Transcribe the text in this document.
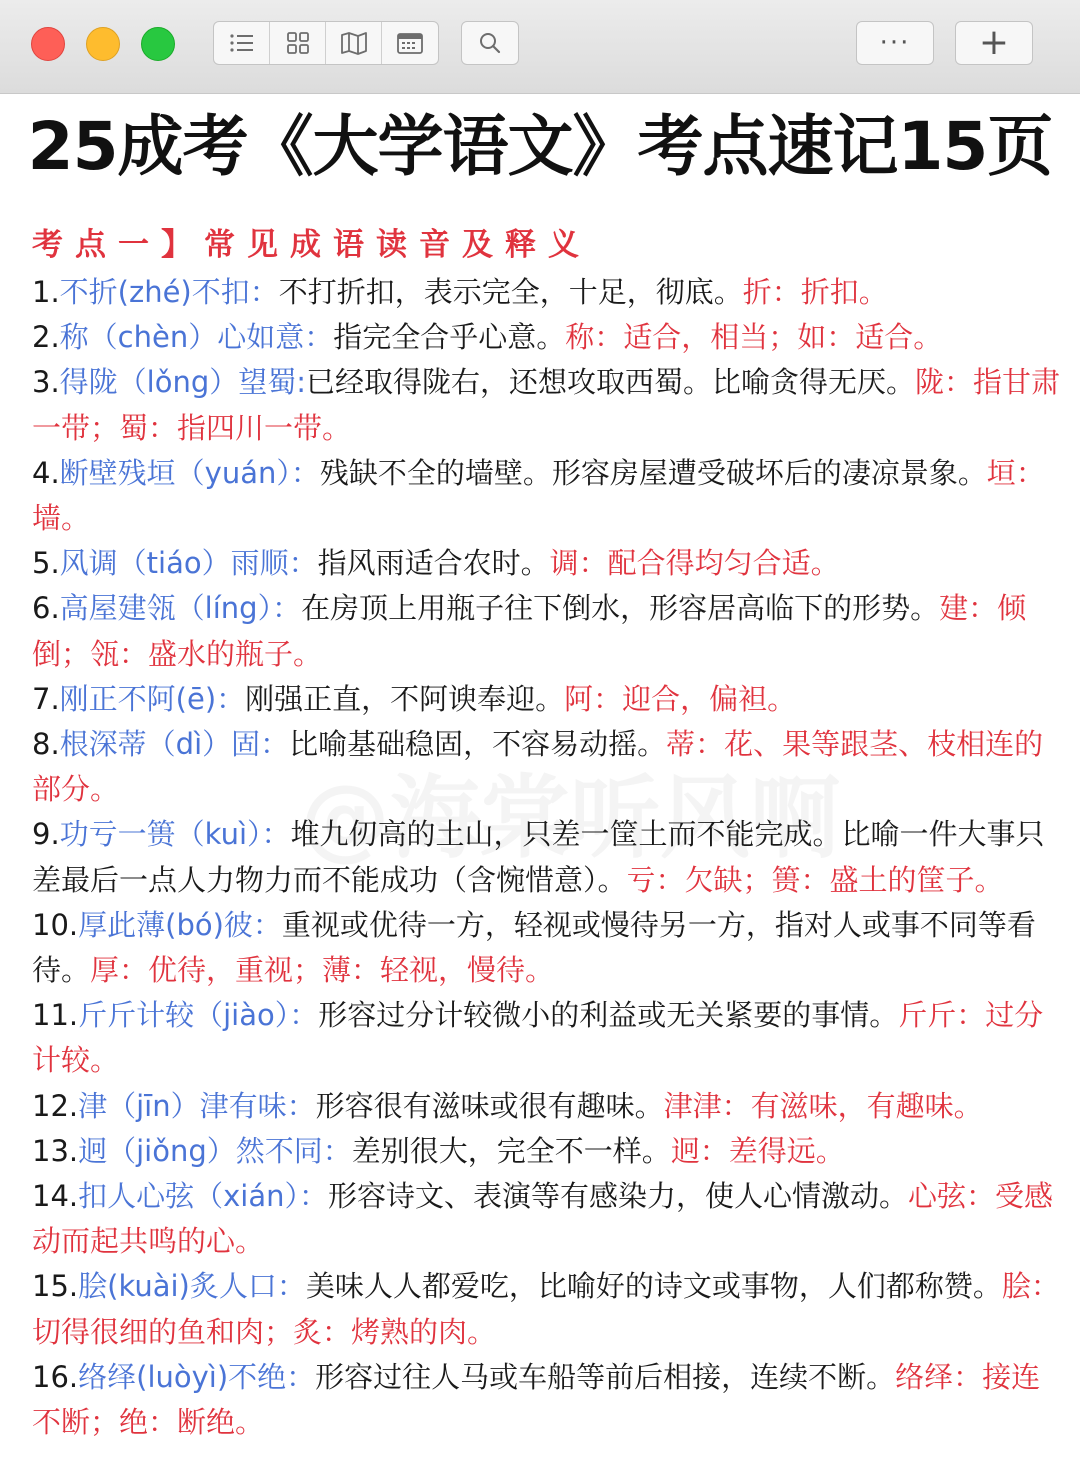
··· +
25成考《大学语文》考点速记15页
考点一】常见成语读音及释义
1.不折(zhé)不扣：不打折扣，表示完全，十足，彻底。折：折扣。
2.称（chèn）心如意：指完全合乎心意。称：适合，相当；如：适合。
3.得陇（lǒng）望蜀:已经取得陇右，还想攻取西蜀。比喻贪得无厌。陇：指甘肃一带；蜀：指四川一带。
4.断壁残垣（yuán）：残缺不全的墙壁。形容房屋遭受破坏后的凄凉景象。垣：墙。
5.风调（tiáo）雨顺：指风雨适合农时。调：配合得均匀合适。
6.高屋建瓴（líng）：在房顶上用瓶子往下倒水，形容居高临下的形势。建：倾倒；瓴：盛水的瓶子。
7.刚正不阿(ē)：刚强正直，不阿谀奉迎。阿：迎合，偏袒。
8.根深蒂（dì）固：比喻基础稳固，不容易动摇。蒂：花、果等跟茎、枝相连的部分。
9.功亏一篑（kuì）：堆九仞高的土山，只差一筐土而不能完成。比喻一件大事只差最后一点人力物力而不能成功（含惋惜意）。亏：欠缺；篑：盛土的筐子。
10.厚此薄(bó)彼：重视或优待一方，轻视或慢待另一方，指对人或事不同等看待。厚：优待，重视；薄：轻视，慢待。
11.斤斤计较（jiào）：形容过分计较微小的利益或无关紧要的事情。斤斤：过分计较。
12.津（jīn）津有味：形容很有滋味或很有趣味。津津：有滋味，有趣味。
13.迥（jiǒng）然不同：差别很大，完全不一样。迥：差得远。
14.扣人心弦（xián）：形容诗文、表演等有感染力，使人心情激动。心弦：受感动而起共鸣的心。
15.脍(kuài)炙人口：美味人人都爱吃，比喻好的诗文或事物，人们都称赞。脍：切得很细的鱼和肉；炙：烤熟的肉。
16.络绎(luòyì)不绝：形容过往人马或车船等前后相接，连续不断。络绎：接连不断；绝：断绝。
